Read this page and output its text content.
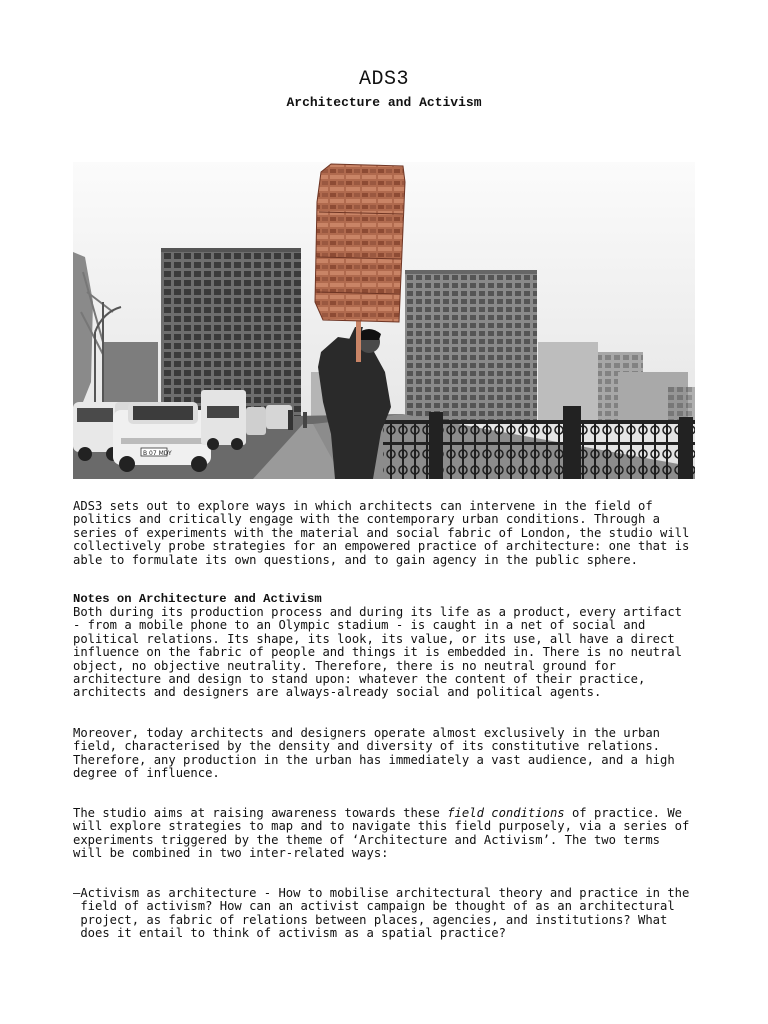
ADS3
Architecture and Activism
B 07 MDY
ADS3 sets out to explore ways in which architects can intervene in the field of
politics and critically engage with the contemporary urban conditions. Through a
series of experiments with the material and social fabric of London, the studio will
collectively probe strategies for an empowered practice of architecture: one that is
able to formulate its own questions, and to gain agency in the public sphere.
Notes on Architecture and Activism
Both during its production process and during its life as a product, every artifact
- from a mobile phone to an Olympic stadium - is caught in a net of social and
political relations. Its shape, its look, its value, or its use, all have a direct
influence on the fabric of people and things it is embedded in. There is no neutral
object, no objective neutrality. Therefore, there is no neutral ground for
architecture and design to stand upon: whatever the content of their practice,
architects and designers are always-already social and political agents.
Moreover, today architects and designers operate almost exclusively in the urban
field, characterised by the density and diversity of its constitutive relations.
Therefore, any production in the urban has immediately a vast audience, and a high
degree of influence.
The studio aims at raising awareness towards these field conditions of practice. We
will explore strategies to map and to navigate this field purposely, via a series of
experiments triggered by the theme of ‘Architecture and Activism’. The two terms
will be combined in two inter-related ways:
—Activism as architecture - How to mobilise architectural theory and practice in the
field of activism? How can an activist campaign be thought of as an architectural
project, as fabric of relations between places, agencies, and institutions? What
does it entail to think of activism as a spatial practice?
